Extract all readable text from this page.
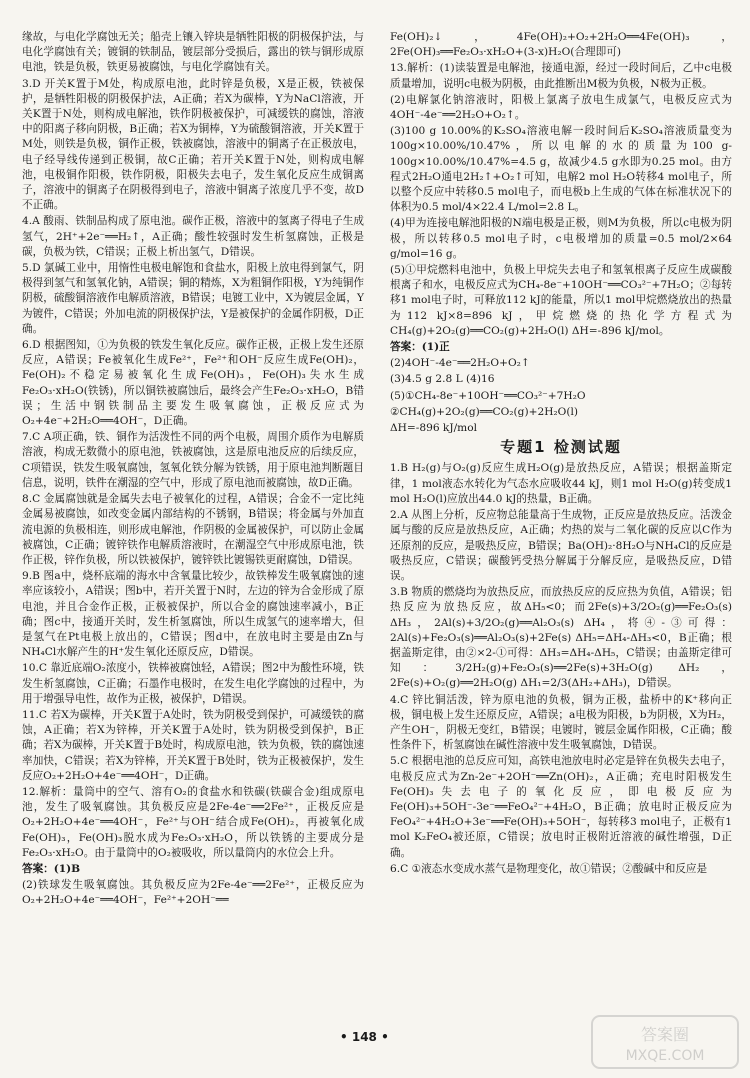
缘故，与电化学腐蚀无关；船壳上镶入锌块是牺牲阳极的阴极保护法，与电化学腐蚀有关；镀铜的铁制品，镀层部分受损后，露出的铁与铜形成原电池，铁是负极，铁更易被腐蚀，与电化学腐蚀有关。

3.D 开关K置于M处，构成原电池，此时锌是负极，X是正极，铁被保护，是牺牲阳极的阴极保护法，A正确；若X为碳棒，Y为NaCl溶液，开关K置于N处，则构成电解池，铁作阴极被保护，可减缓铁的腐蚀，溶液中的阳离子移向阴极，B正确；若X为铜棒，Y为硫酸铜溶液，开关K置于M处，则铁是负极，铜作正极，铁被腐蚀，溶液中的铜离子在正极放电，电子经导线传递到正极铜，故C正确；若开关K置于N处，则构成电解池，电极铜作阳极，铁作阴极，阳极失去电子，发生氧化反应生成铜离子，溶液中的铜离子在阴极得到电子，溶液中铜离子浓度几乎不变，故D不正确。

4.A 酸雨、铁制品构成了原电池。碳作正极，溶液中的氢离子得电子生成氢气，2H⁺+2e⁻══H₂↑，A正确；酸性较强时发生析氢腐蚀，正极是碳，负极为铁，C错误；正极上析出氢气，D错误。

5.D 氯碱工业中，用惰性电极电解饱和食盐水，阳极上放电得到氯气，阴极得到氢气和氢氧化钠，A错误；铜的精炼，X为粗铜作阳极，Y为纯铜作阴极，硫酸铜溶液作电解质溶液，B错误；电镀工业中，X为镀层金属，Y为镀件，C错误；外加电流的阴极保护法，Y是被保护的金属作阴极，D正确。

6.D 根据图知，①为负极的铁发生氧化反应。碳作正极，正极上发生还原反应，A错误；Fe被氧化生成Fe²⁺，Fe²⁺和OH⁻反应生成Fe(OH)₂，Fe(OH)₂不稳定易被氧化生成Fe(OH)₃，Fe(OH)₃失水生成Fe₂O₃·xH₂O(铁锈)，所以铜铁被腐蚀后，最终会产生Fe₂O₃·xH₂O，B错误；生活中钢铁制品主要发生吸氧腐蚀，正极反应式为O₂+4e⁻+2H₂O══4OH⁻，D正确。

7.C A项正确，铁、铜作为活泼性不同的两个电极，周围介质作为电解质溶液，构成无数微小的原电池，铁被腐蚀，这是原电池反应的后续反应，C项错误，铁发生吸氧腐蚀，氢氧化铁分解为铁锈，用于原电池判断题目信息，说明，铁件在潮湿的空气中，形成了原电池而被腐蚀，故D正确。

8.C 金属腐蚀就是金属失去电子被氧化的过程，A错误；合金不一定比纯金属易被腐蚀，如改变金属内部结构的不锈钢，B错误；将金属与外加直流电源的负极相连，则形成电解池，作阴极的金属被保护，可以防止金属被腐蚀，C正确；镀锌铁作电解质溶液时，在潮湿空气中形成原电池，铁作正极，锌作负极，所以铁被保护，镀锌铁比镀锡铁更耐腐蚀，D错误。

9.B 图a中，烧杯底端的海水中含氧量比较少，故铁棒发生吸氧腐蚀的速率应该较小，A错误；图b中，若开关置于N时，左边的锌为合金形成了原电池，并且合金作正极，正极被保护，所以合金的腐蚀速率减小，B正确；图c中，接通开关时，发生析氢腐蚀，所以生成氢气的速率增大，但是氢气在Pt电极上放出的，C错误；图d中，在放电时主要是由Zn与NH₄Cl水解产生的H⁺发生氧化还原反应，D错误。

10.C 靠近底端O₂浓度小，铁棒被腐蚀轻，A错误；图2中为酸性环境，铁发生析氢腐蚀，C正确；石墨作电极时，在发生电化学腐蚀的过程中，为用于增强导电性，故作为正极，被保护，D错误。

11.C 若X为碳棒，开关K置于A处时，铁为阴极受到保护，可减缓铁的腐蚀，A正确；若X为锌棒，开关K置于A处时，铁为阴极受到保护，B正确；若X为碳棒，开关K置于B处时，构成原电池，铁为负极，铁的腐蚀速率加快，C错误；若X为锌棒，开关K置于B处时，铁为正极被保护，发生反应O₂+2H₂O+4e⁻══4OH⁻，D正确。

12.解析：量筒中的空气、溶有O₂的食盐水和铁碳(铁碳合金)组成原电池，发生了吸氧腐蚀。其负极反应是2Fe-4e⁻══2Fe²⁺，正极反应是O₂+2H₂O+4e⁻══4OH⁻，Fe²⁺与OH⁻结合成Fe(OH)₂，再被氧化成Fe(OH)₃，Fe(OH)₃脱水成为Fe₂O₃·xH₂O，所以铁锈的主要成分是Fe₂O₃·xH₂O。由于量筒中的O₂被吸收，所以量筒内的水位会上升。

答案：(1)B

(2)铁球发生吸氧腐蚀。其负极反应为2Fe-4e⁻══2Fe²⁺，正极反应为O₂+2H₂O+4e⁻══4OH⁻，Fe²⁺+2OH⁻══

Fe(OH)₂↓，4Fe(OH)₂+O₂+2H₂O══4Fe(OH)₃，2Fe(OH)₃══Fe₂O₃·xH₂O+(3-x)H₂O(合理即可)

13.解析：(1)读装置是电解池，接通电源，经过一段时间后，乙中c电极质量增加，说明c电极为阴极，由此推断出M极为负极，N极为正极。

(2)电解氯化钠溶液时，阳极上氯离子放电生成氯气，电极反应式为4OH⁻-4e⁻══2H₂O+O₂↑。

(3)100 g 10.00%的K₂SO₄溶液电解一段时间后K₂SO₄溶液质量变为100g×10.00%/10.47%，所以电解的水的质量为100 g-100g×10.00%/10.47%=4.5 g，故减少4.5 g水即为0.25 mol。由方程式2H₂O通电2H₂↑+O₂↑可知，电解2 mol H₂O转移4 mol电子，所以整个反应中转移0.5 mol电子，而电极b上生成的气体在标准状况下的体积为0.5 mol/4×22.4 L/mol=2.8 L。

(4)甲为连接电解池阳极的N端电极是正极，则M为负极，所以c电极为阴极，所以转移0.5 mol电子时，c电极增加的质量=0.5 mol/2×64 g/mol=16 g。

(5)①甲烷燃料电池中，负极上甲烷失去电子和氢氧根离子反应生成碳酸根离子和水，电极反应式为CH₄-8e⁻+10OH⁻══CO₃²⁻+7H₂O；②每转移1 mol电子时，可释放112 kJ的能量，所以1 mol甲烷燃烧放出的热量为112 kJ×8=896 kJ，甲烷燃烧的热化学方程式为CH₄(g)+2O₂(g)══CO₂(g)+2H₂O(l) ΔH=-896 kJ/mol。

答案：(1)正

(2)4OH⁻-4e⁻══2H₂O+O₂↑

(3)4.5 g 2.8 L (4)16

(5)①CH₄-8e⁻+10OH⁻══CO₃²⁻+7H₂O

②CH₄(g)+2O₂(g)══CO₂(g)+2H₂O(l)

ΔH=-896 kJ/mol

专题1 检测试题

1.B H₂(g)与O₂(g)反应生成H₂O(g)是放热反应，A错误；根据盖斯定律，1 mol液态水转化为气态水应吸收44 kJ，则1 mol H₂O(g)转变成1 mol H₂O(l)应放出44.0 kJ的热量，B正确。

2.A 从图上分析，反应物总能量高于生成物，正反应是放热反应。活泼金属与酸的反应是放热反应，A正确；灼热的炭与二氧化碳的反应以C作为还原剂的反应，是吸热反应，B错误；Ba(OH)₂·8H₂O与NH₄Cl的反应是吸热反应，C错误；碳酸钙受热分解属于分解反应，是吸热反应，D错误。

3.B 物质的燃烧均为放热反应，而放热反应的反应热为负值，A错误；铝热反应为放热反应，故ΔH₅<0；而2Fe(s)+3/2O₂(g)══Fe₂O₃(s) ΔH₃，2Al(s)+3/2O₂(g)══Al₂O₃(s) ΔH₄，将④-③可得：2Al(s)+Fe₂O₃(s)══Al₂O₃(s)+2Fe(s) ΔH₅=ΔH₄-ΔH₃<0，B正确；根据盖斯定律，由②×2-①可得：ΔH₃=ΔH₄-ΔH₅，C错误；由盖斯定律可知：3/2H₂(g)+Fe₂O₃(s)══2Fe(s)+3H₂O(g) ΔH₂，2Fe(s)+O₂(g)══2H₂O(g) ΔH₁=2/3(ΔH₂+ΔH₃)，D错误。

4.C 锌比铜活泼，锌为原电池的负极，铜为正极，盐桥中的K⁺移向正极，铜电极上发生还原反应，A错误；a电极为阳极，b为阴极，X为H₂，产生OH⁻，阴极无变红，B错误；电镀时，镀层金属作阳极，C正确；酸性条件下，析氢腐蚀在碱性溶液中发生吸氧腐蚀，D错误。

5.C 根据电池的总反应可知，高铁电池放电时必定是锌在负极失去电子，电极反应式为Zn-2e⁻+2OH⁻══Zn(OH)₂，A正确；充电时阳极发生Fe(OH)₃失去电子的氧化反应，即电极反应为Fe(OH)₃+5OH⁻-3e⁻══FeO₄²⁻+4H₂O，B正确；放电时正极反应为FeO₄²⁻+4H₂O+3e⁻══Fe(OH)₃+5OH⁻，每转移3 mol电子，正极有1 mol K₂FeO₄被还原，C错误；放电时正极附近溶液的碱性增强，D正确。

6.C ①液态水变成水蒸气是物理变化，故①错误；②酸碱中和反应是

• 148 •	答案圈
MXQE.COM
